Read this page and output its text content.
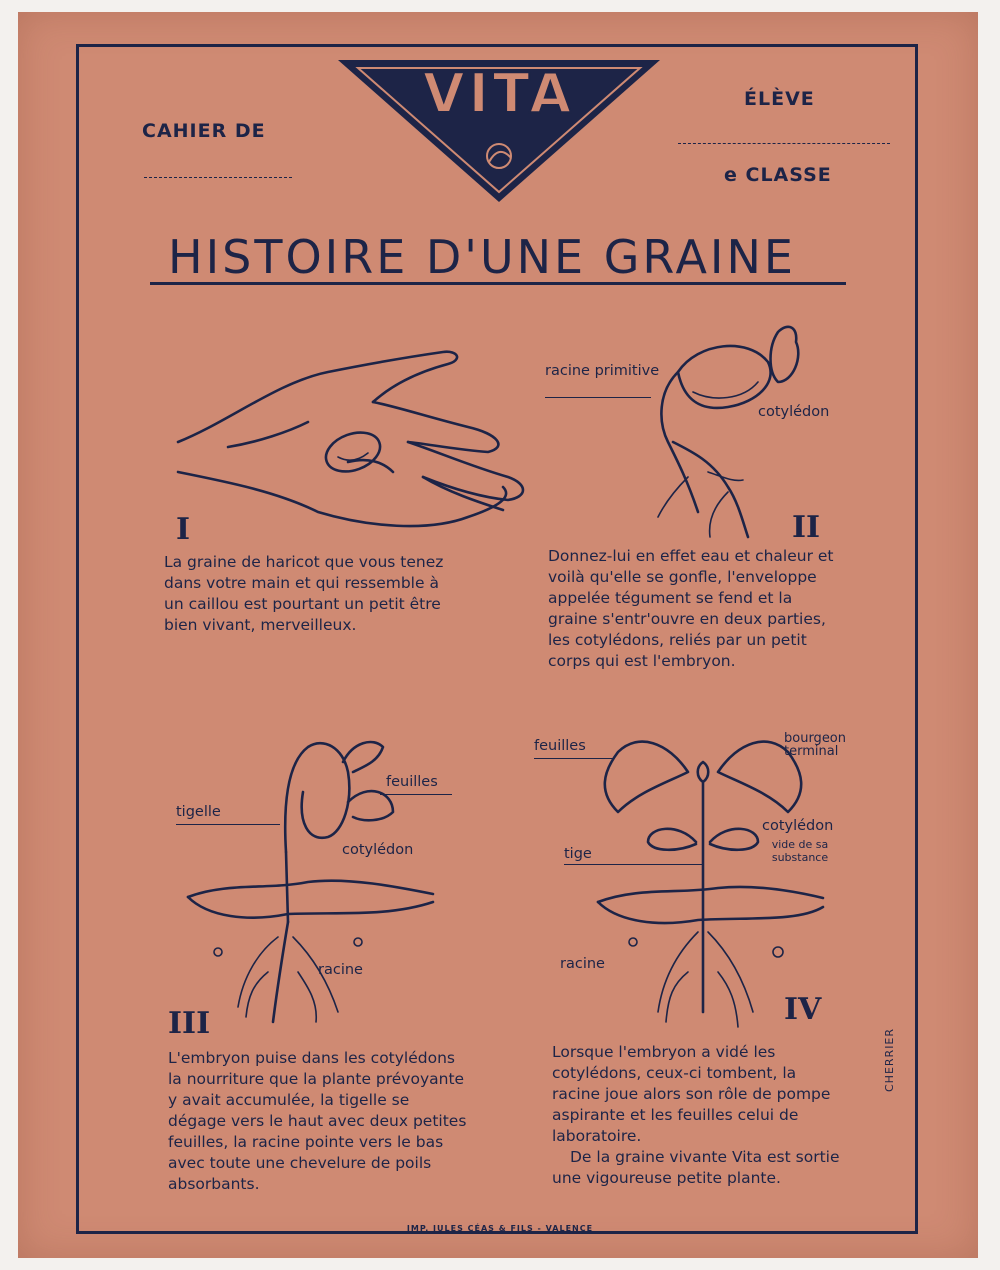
CAHIER DE
ÉLÈVE
e CLASSE
VITA
HISTOIRE D'UNE GRAINE
I

La graine de haricot que vous tenez dans votre main et qui ressemble à un caillou est pourtant un petit être bien vivant, merveilleux.

racine primitive
cotylédon
II

Donnez-lui en effet eau et chaleur et voilà qu'elle se gonfle, l'enveloppe appelée tégument se fend et la graine s'entr'ouvre en deux parties, les cotylédons, reliés par un petit corps qui est l'embryon.

feuilles
tigelle
cotylédon
racine
III

L'embryon puise dans les cotylédons la nourriture que la plante prévoyante y avait accumulée, la tigelle se dégage vers le haut avec deux petites feuilles, la racine pointe vers le bas avec toute une chevelure de poils absorbants.

feuilles	bourgeon terminal
cotylédon
vide de sa substance
tige
racine
IV

Lorsque l'embryon a vidé les cotylédons, ceux-ci tombent, la racine joue alors son rôle de pompe aspirante et les feuilles celui de laboratoire.

De la graine vivante Vita est sortie une vigoureuse petite plante.

CHERRIER
IMP. JULES CÉAS & FILS - VALENCE
